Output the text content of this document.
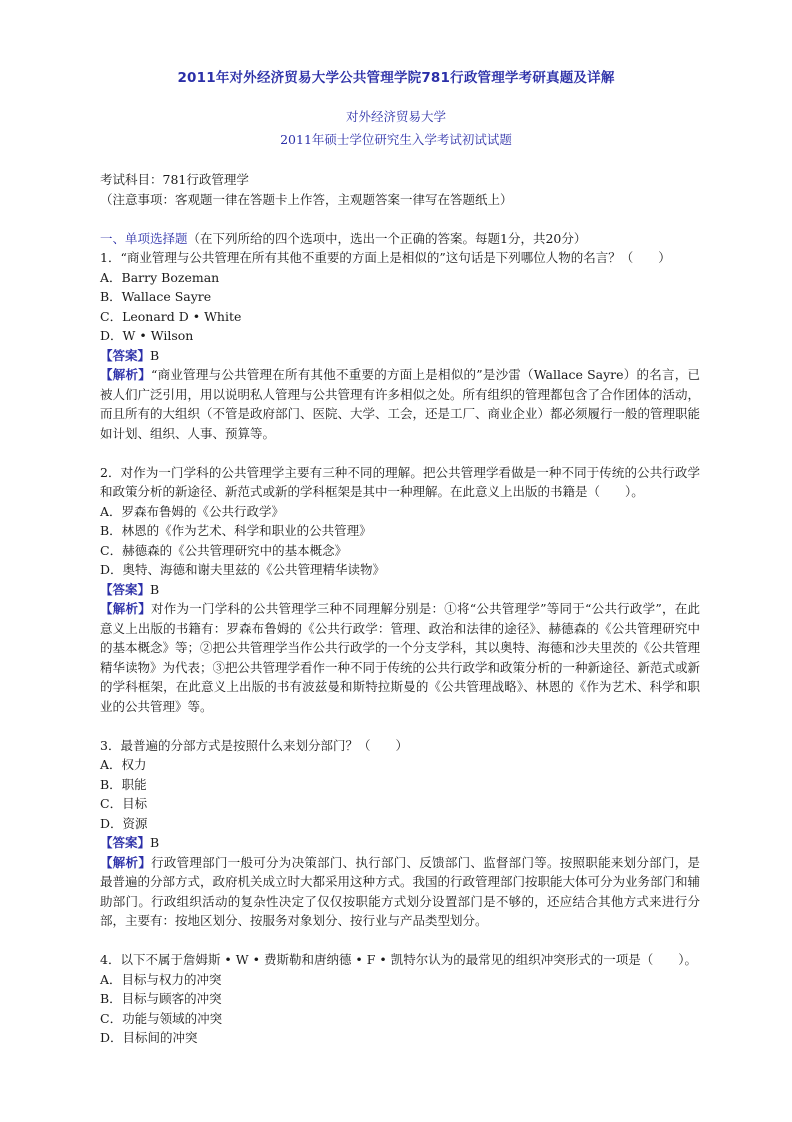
2011年对外经济贸易大学公共管理学院781行政管理学考研真题及详解
对外经济贸易大学
2011年硕士学位研究生入学考试初试试题
考试科目：781行政管理学
（注意事项：客观题一律在答题卡上作答，主观题答案一律写在答题纸上）
一、单项选择题（在下列所给的四个选项中，选出一个正确的答案。每题1分，共20分）
1．“商业管理与公共管理在所有其他不重要的方面上是相似的”这句话是下列哪位人物的名言？（　　）
A．Barry Bozeman
B．Wallace Sayre
C．Leonard D • White
D．W • Wilson
【答案】B
【解析】“商业管理与公共管理在所有其他不重要的方面上是相似的”是沙雷（Wallace Sayre）的名言，已被人们广泛引用，用以说明私人管理与公共管理有许多相似之处。所有组织的管理都包含了合作团体的活动，而且所有的大组织（不管是政府部门、医院、大学、工会，还是工厂、商业企业）都必须履行一般的管理职能如计划、组织、人事、预算等。
2．对作为一门学科的公共管理学主要有三种不同的理解。把公共管理学看做是一种不同于传统的公共行政学和政策分析的新途径、新范式或新的学科框架是其中一种理解。在此意义上出版的书籍是（　　）。
A．罗森布鲁姆的《公共行政学》
B．林恩的《作为艺术、科学和职业的公共管理》
C．赫德森的《公共管理研究中的基本概念》
D．奥特、海德和谢夫里兹的《公共管理精华读物》
【答案】B
【解析】对作为一门学科的公共管理学三种不同理解分别是：①将“公共管理学”等同于“公共行政学”，在此意义上出版的书籍有：罗森布鲁姆的《公共行政学：管理、政治和法律的途径》、赫德森的《公共管理研究中的基本概念》等；②把公共管理学当作公共行政学的一个分支学科，其以奥特、海德和沙夫里茨的《公共管理精华读物》为代表；③把公共管理学看作一种不同于传统的公共行政学和政策分析的一种新途径、新范式或新的学科框架，在此意义上出版的书有波兹曼和斯特拉斯曼的《公共管理战略》、林恩的《作为艺术、科学和职业的公共管理》等。
3．最普遍的分部方式是按照什么来划分部门？（　　）
A．权力
B．职能
C．目标
D．资源
【答案】B
【解析】行政管理部门一般可分为决策部门、执行部门、反馈部门、监督部门等。按照职能来划分部门，是最普遍的分部方式，政府机关成立时大都采用这种方式。我国的行政管理部门按职能大体可分为业务部门和辅助部门。行政组织活动的复杂性决定了仅仅按职能方式划分设置部门是不够的，还应结合其他方式来进行分部，主要有：按地区划分、按服务对象划分、按行业与产品类型划分。
4．以下不属于詹姆斯 • W • 费斯勒和唐纳德 • F • 凯特尔认为的最常见的组织冲突形式的一项是（　　）。
A．目标与权力的冲突
B．目标与顾客的冲突
C．功能与领域的冲突
D．目标间的冲突
